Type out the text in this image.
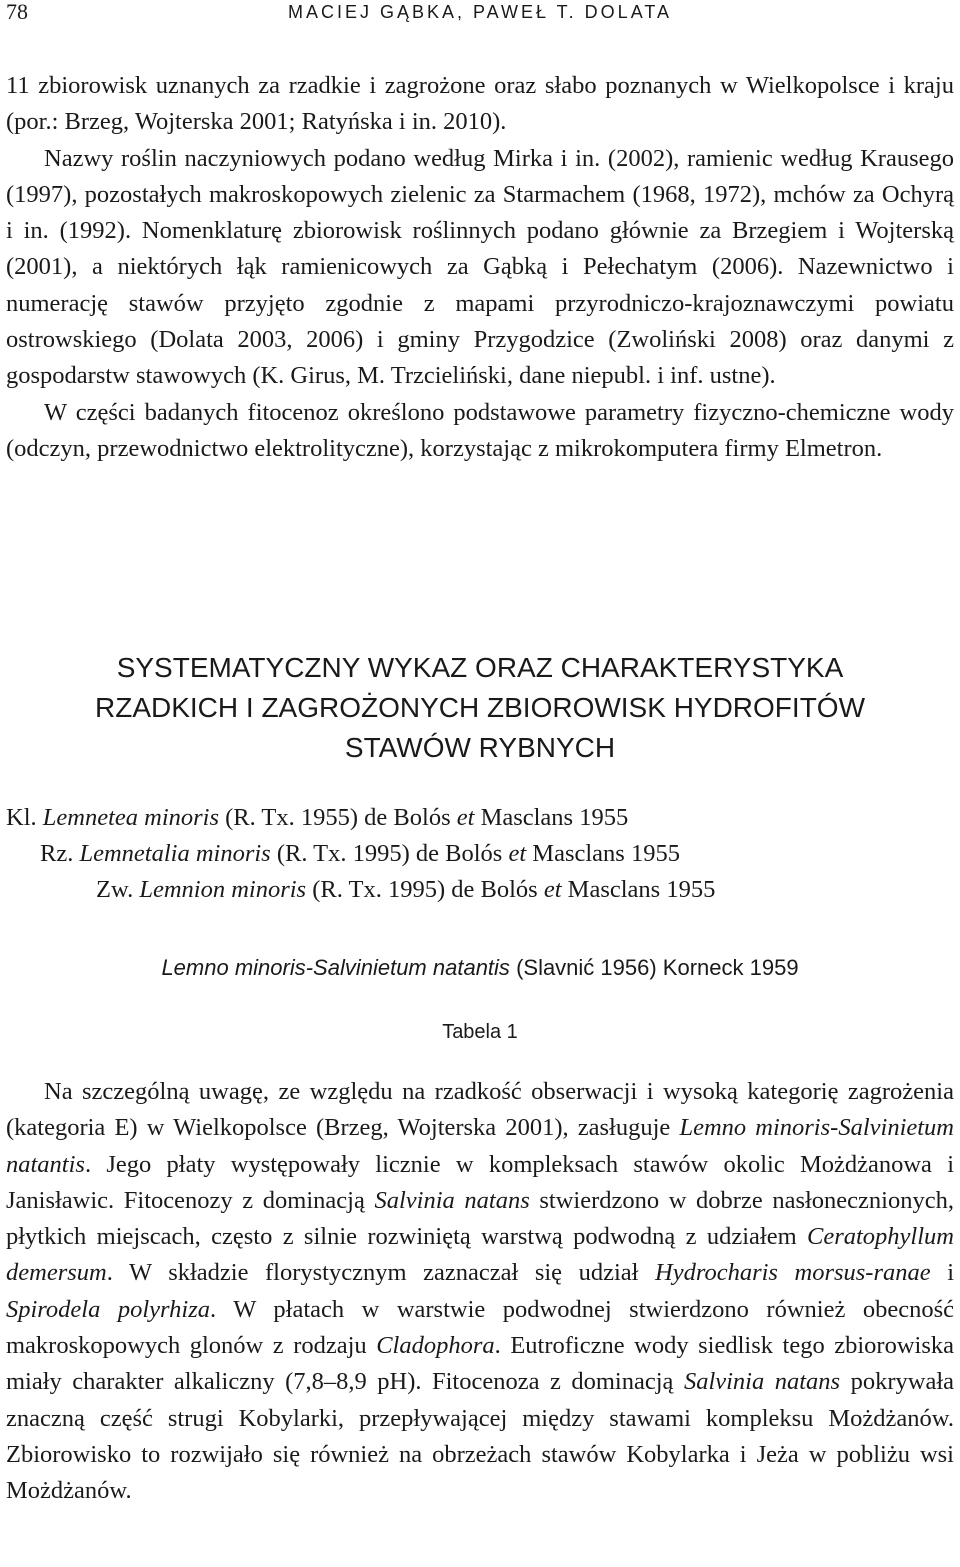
78	MACIEJ GĄBKA, PAWEŁ T. DOLATA

11 zbiorowisk uznanych za rzadkie i zagrożone oraz słabo poznanych w Wielkopolsce i kraju (por.: Brzeg, Wojterska 2001; Ratyńska i in. 2010).

Nazwy roślin naczyniowych podano według Mirka i in. (2002), ramienic według Krausego (1997), pozostałych makroskopowych zielenic za Starmachem (1968, 1972), mchów za Ochyrą i in. (1992). Nomenklaturę zbiorowisk roślinnych podano głównie za Brzegiem i Wojterską (2001), a niektórych łąk ramienicowych za Gąbką i Pełechatym (2006). Nazewnictwo i numerację stawów przyjęto zgodnie z mapami przyrodniczo-krajoznawczymi powiatu ostrowskiego (Dolata 2003, 2006) i gminy Przygodzice (Zwoliński 2008) oraz danymi z gospodarstw stawowych (K. Girus, M. Trzcieliński, dane niepubl. i inf. ustne).

W części badanych fitocenoz określono podstawowe parametry fizyczno-chemiczne wody (odczyn, przewodnictwo elektrolityczne), korzystając z mikrokomputera firmy Elmetron.

SYSTEMATYCZNY WYKAZ ORAZ CHARAKTERYSTYKA
RZADKICH I ZAGROŻONYCH ZBIOROWISK HYDROFITÓW
STAWÓW RYBNYCH
Kl. Lemnetea minoris (R. Tx. 1955) de Bolós et Masclans 1955
Rz. Lemnetalia minoris (R. Tx. 1995) de Bolós et Masclans 1955
Zw. Lemnion minoris (R. Tx. 1995) de Bolós et Masclans 1955
Lemno minoris-Salvinietum natantis (Slavnić 1956) Korneck 1959
Tabela 1

Na szczególną uwagę, ze względu na rzadkość obserwacji i wysoką kategorię zagrożenia (kategoria E) w Wielkopolsce (Brzeg, Wojterska 2001), zasługuje Lemno minoris-Salvinietum natantis. Jego płaty występowały licznie w kompleksach stawów okolic Możdżanowa i Janisławic. Fitocenozy z dominacją Salvinia natans stwierdzono w dobrze nasłonecznionych, płytkich miejscach, często z silnie rozwiniętą warstwą podwodną z udziałem Ceratophyllum demersum. W składzie florystycznym zaznaczał się udział Hydrocharis morsus-ranae i Spirodela polyrhiza. W płatach w warstwie podwodnej stwierdzono również obecność makroskopowych glonów z rodzaju Cladophora. Eutroficzne wody siedlisk tego zbiorowiska miały charakter alkaliczny (7,8–8,9 pH). Fitocenoza z dominacją Salvinia natans pokrywała znaczną część strugi Kobylarki, przepływającej między stawami kompleksu Możdżanów. Zbiorowisko to rozwijało się również na obrzeżach stawów Kobylarka i Jeża w pobliżu wsi Możdżanów.
